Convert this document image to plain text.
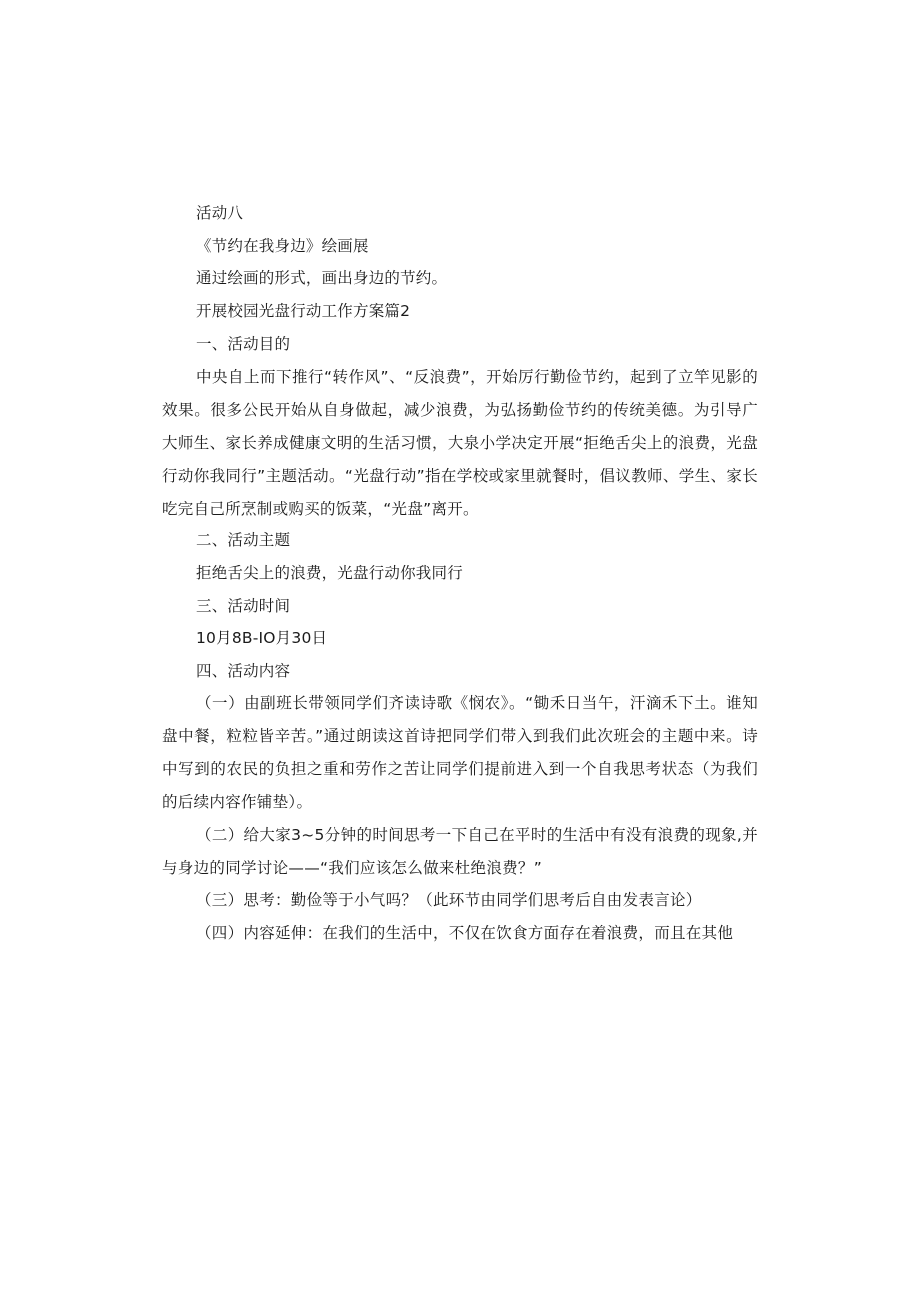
活动八
《节约在我身边》绘画展
通过绘画的形式，画出身边的节约。
开展校园光盘行动工作方案篇2
一、活动目的
中央自上而下推行“转作风”、“反浪费”，开始厉行勤俭节约，起到了立竿见影的效果。很多公民开始从自身做起，减少浪费，为弘扬勤俭节约的传统美德。为引导广大师生、家长养成健康文明的生活习惯，大泉小学决定开展“拒绝舌尖上的浪费，光盘行动你我同行”主题活动。“光盘行动”指在学校或家里就餐时，倡议教师、学生、家长吃完自己所烹制或购买的饭菜，“光盘”离开。
二、活动主题
拒绝舌尖上的浪费，光盘行动你我同行
三、活动时间
10月8B-IO月30日
四、活动内容
（一）由副班长带领同学们齐读诗歌《悯农》。“锄禾日当午，汗滴禾下土。谁知盘中餐，粒粒皆辛苦。”通过朗读这首诗把同学们带入到我们此次班会的主题中来。诗中写到的农民的负担之重和劳作之苦让同学们提前进入到一个自我思考状态（为我们的后续内容作铺垫）。
（二）给大家3~5分钟的时间思考一下自己在平时的生活中有没有浪费的现象,并与身边的同学讨论——“我们应该怎么做来杜绝浪费？”
（三）思考：勤俭等于小气吗？（此环节由同学们思考后自由发表言论）
（四）内容延伸：在我们的生活中，不仅在饮食方面存在着浪费，而且在其他
